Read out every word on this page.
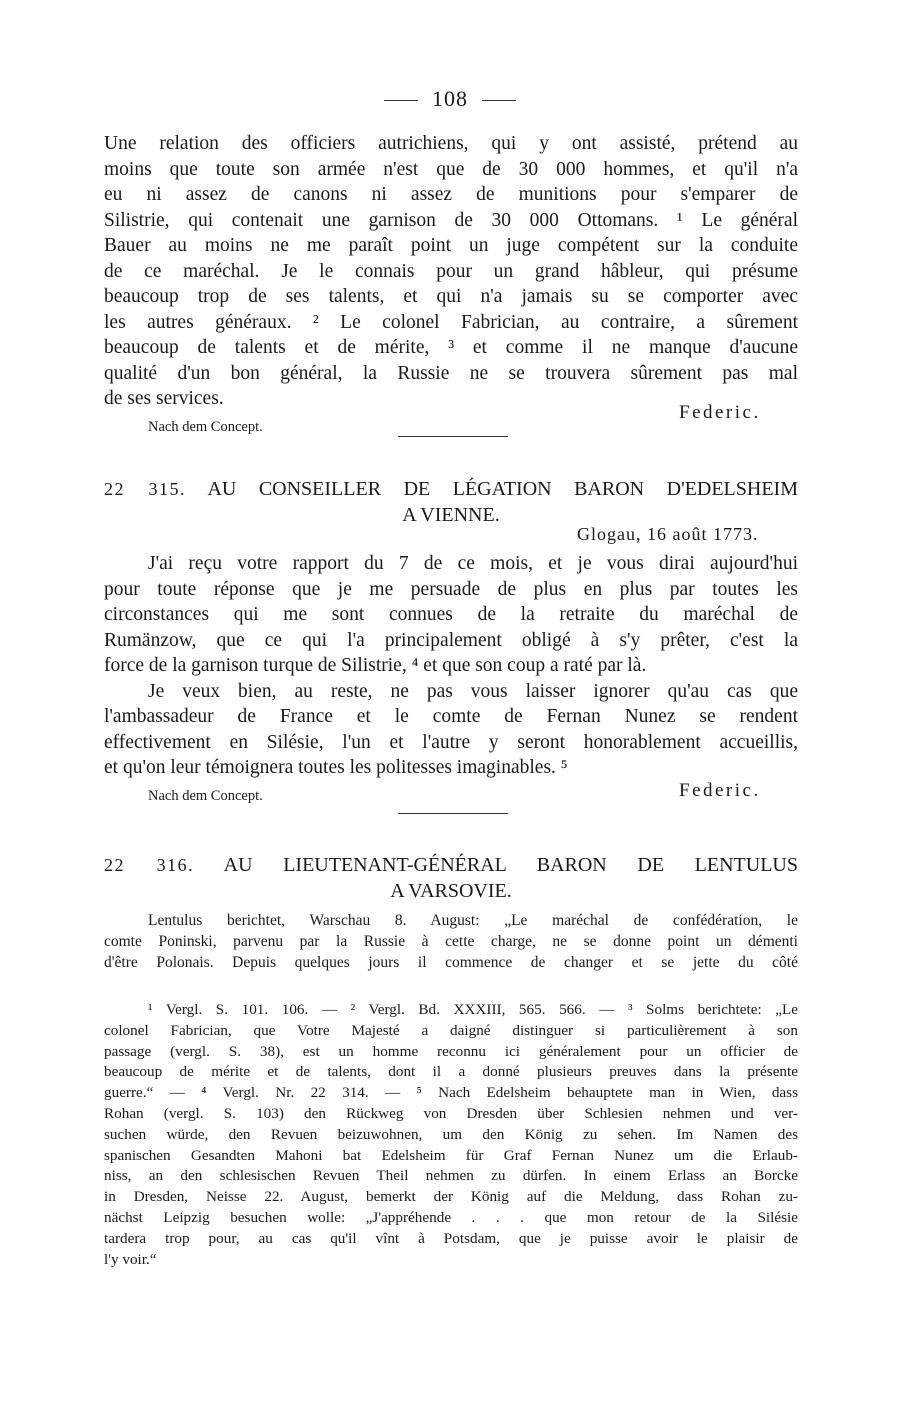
108
Une relation des officiers autrichiens, qui y ont assisté, prétend au
moins que toute son armée n'est que de 30 000 hommes, et qu'il n'a
eu ni assez de canons ni assez de munitions pour s'emparer de
Silistrie, qui contenait une garnison de 30 000 Ottomans. ¹ Le général
Bauer au moins ne me paraît point un juge compétent sur la conduite
de ce maréchal. Je le connais pour un grand hâbleur, qui présume
beaucoup trop de ses talents, et qui n'a jamais su se comporter avec
les autres généraux. ² Le colonel Fabrician, au contraire, a sûrement
beaucoup de talents et de mérite, ³ et comme il ne manque d'aucune
qualité d'un bon général, la Russie ne se trouvera sûrement pas mal
de ses services.
Federic.
Nach dem Concept.
22 315. AU CONSEILLER DE LÉGATION BARON D'EDELSHEIM
A VIENNE.
Glogau, 16 août 1773.
J'ai reçu votre rapport du 7 de ce mois, et je vous dirai aujourd'hui
pour toute réponse que je me persuade de plus en plus par toutes les
circonstances qui me sont connues de la retraite du maréchal de
Rumänzow, que ce qui l'a principalement obligé à s'y prêter, c'est la
force de la garnison turque de Silistrie, ⁴ et que son coup a raté par là.
Je veux bien, au reste, ne pas vous laisser ignorer qu'au cas que
l'ambassadeur de France et le comte de Fernan Nunez se rendent
effectivement en Silésie, l'un et l'autre y seront honorablement accueillis,
et qu'on leur témoignera toutes les politesses imaginables. ⁵
Nach dem Concept.	Federic.
22 316. AU LIEUTENANT-GÉNÉRAL BARON DE LENTULUS
A VARSOVIE.
Lentulus berichtet, Warschau 8. August: „Le maréchal de confédération, le
comte Poninski, parvenu par la Russie à cette charge, ne se donne point un démenti
d'être Polonais. Depuis quelques jours il commence de changer et se jette du côté
¹ Vergl. S. 101. 106. — ² Vergl. Bd. XXXIII, 565. 566. — ³ Solms berichtete: „Le
colonel Fabrician, que Votre Majesté a daigné distinguer si particulièrement à son
passage (vergl. S. 38), est un homme reconnu ici généralement pour un officier de
beaucoup de mérite et de talents, dont il a donné plusieurs preuves dans la présente
guerre.“ — ⁴ Vergl. Nr. 22 314. — ⁵ Nach Edelsheim behauptete man in Wien, dass
Rohan (vergl. S. 103) den Rückweg von Dresden über Schlesien nehmen und ver-
suchen würde, den Revuen beizuwohnen, um den König zu sehen. Im Namen des
spanischen Gesandten Mahoni bat Edelsheim für Graf Fernan Nunez um die Erlaub-
niss, an den schlesischen Revuen Theil nehmen zu dürfen. In einem Erlass an Borcke
in Dresden, Neisse 22. August, bemerkt der König auf die Meldung, dass Rohan zu-
nächst Leipzig besuchen wolle: „J'appréhende . . . que mon retour de la Silésie
tardera trop pour, au cas qu'il vînt à Potsdam, que je puisse avoir le plaisir de
l'y voir.“
